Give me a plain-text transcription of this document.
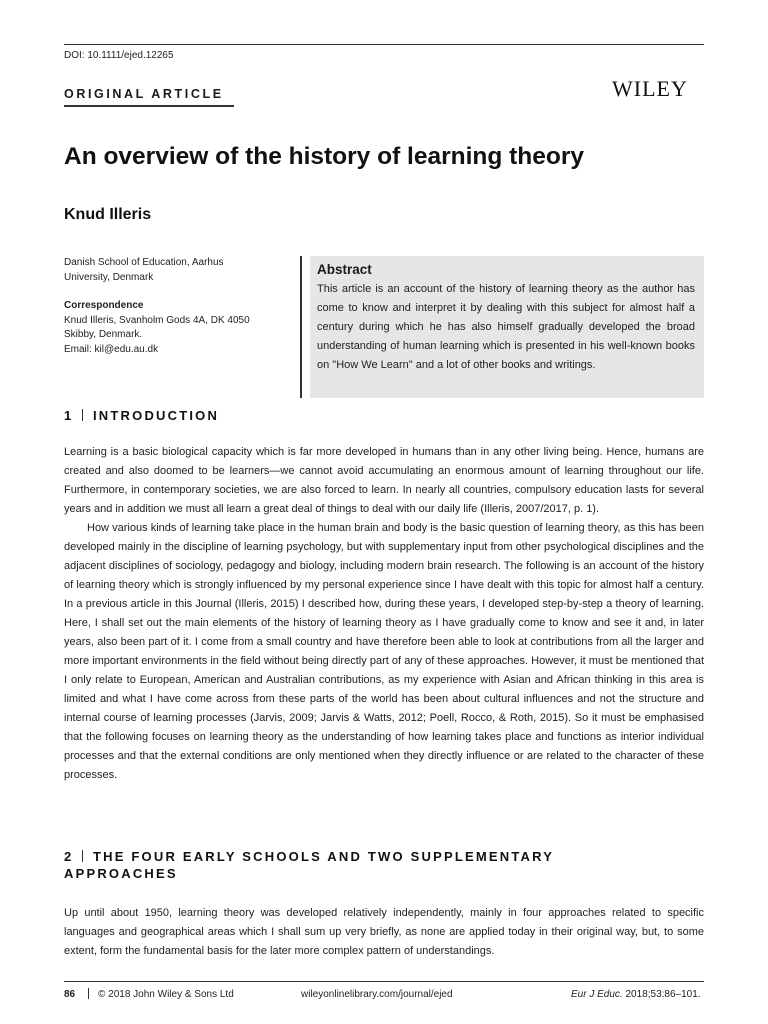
DOI: 10.1111/ejed.12265
ORIGINAL ARTICLE	WILEY
An overview of the history of learning theory
Knud Illeris
Danish School of Education, Aarhus
University, Denmark
Correspondence
Knud Illeris, Svanholm Gods 4A, DK 4050
Skibby, Denmark.
Email: kil@edu.au.dk
Abstract
This article is an account of the history of learning theory as the author has come to know and interpret it by dealing with this subject for almost half a century during which he has also himself gradually developed the broad understanding of human learning which is presented in his well-known books on "How We Learn" and a lot of other books and writings.
1 INTRODUCTION

Learning is a basic biological capacity which is far more developed in humans than in any other living being. Hence, humans are created and also doomed to be learners—we cannot avoid accumulating an enormous amount of learning throughout our life. Furthermore, in contemporary societies, we are also forced to learn. In nearly all countries, compulsory education lasts for several years and in addition we must all learn a great deal of things to deal with our daily life (Illeris, 2007/2017, p. 1).

How various kinds of learning take place in the human brain and body is the basic question of learning theory, as this has been developed mainly in the discipline of learning psychology, but with supplementary input from other psychological disciplines and the adjacent disciplines of sociology, pedagogy and biology, including modern brain research. The following is an account of the history of learning theory which is strongly influenced by my personal experience since I have dealt with this topic for almost half a century. In a previous article in this Journal (Illeris, 2015) I described how, during these years, I developed step-by-step a theory of learning. Here, I shall set out the main elements of the history of learning theory as I have gradually come to know and see it and, in later years, also been part of it. I come from a small country and have therefore been able to look at contributions from all the larger and more important environments in the field without being directly part of any of these approaches. However, it must be mentioned that I only relate to European, American and Australian contributions, as my experience with Asian and African thinking in this area is limited and what I have come across from these parts of the world has been about cultural influences and not the structure and internal course of learning processes (Jarvis, 2009; Jarvis & Watts, 2012; Poell, Rocco, & Roth, 2015). So it must be emphasised that the following focuses on learning theory as the understanding of how learning takes place and functions as interior individual processes and that the external conditions are only mentioned when they directly influence or are related to the character of these processes.

2 THE FOUR EARLY SCHOOLS AND TWO SUPPLEMENTARY APPROACHES

Up until about 1950, learning theory was developed relatively independently, mainly in four approaches related to specific languages and geographical areas which I shall sum up very briefly, as none are applied today in their original way, but, to some extent, form the fundamental basis for the later more complex pattern of understandings.

86 © 2018 John Wiley & Sons Ltd	wileyonlinelibrary.com/journal/ejed	Eur J Educ. 2018;53:86–101.
